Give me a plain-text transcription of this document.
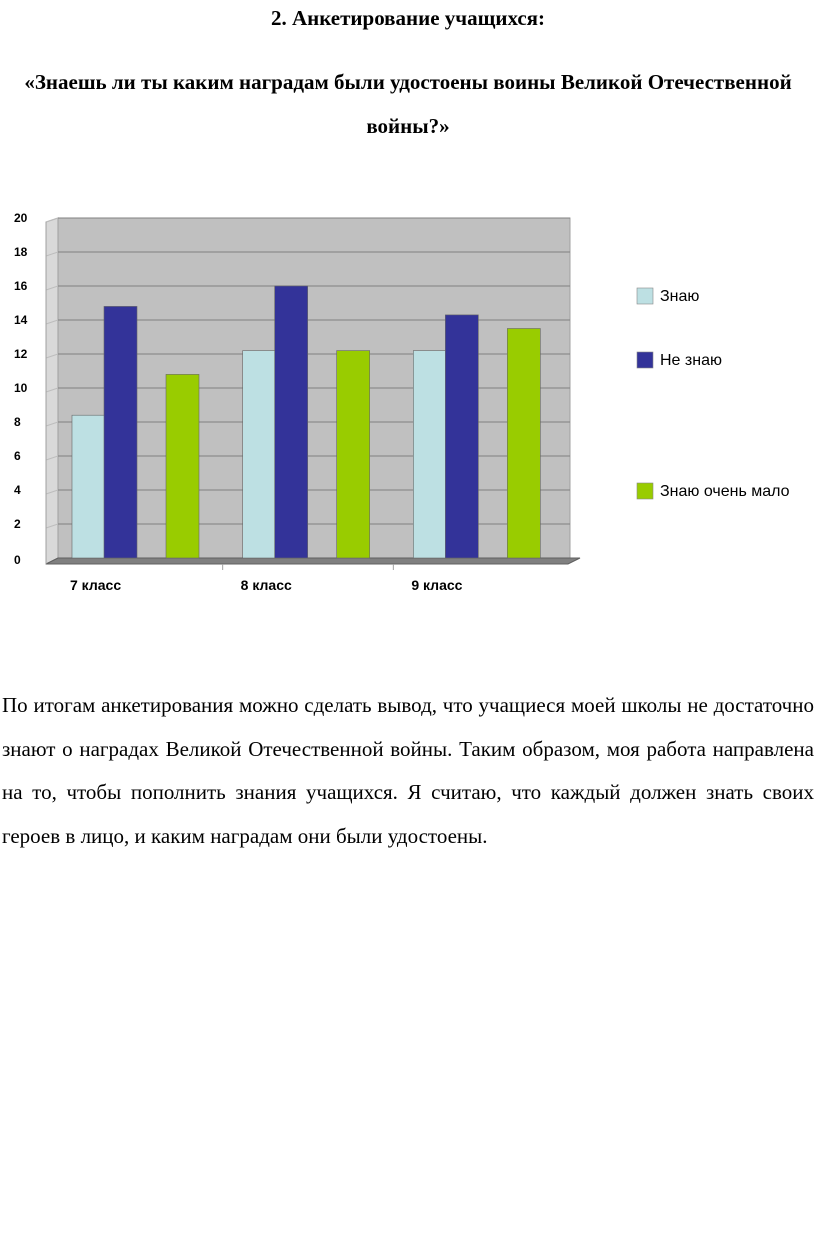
2. Анкетирование учащихся:
«Знаешь ли ты каким наградам были удостоены воины Великой Отечественной войны?»
0
2
4
6
8
10
12
14
16
18
20
7 класс	8 класс	9 класс
Знаю
Не знаю
Знаю очень мало

По итогам анкетирования можно сделать вывод, что учащиеся моей школы не достаточно знают о наградах Великой Отечественной войны. Таким образом, моя работа направлена на то, чтобы пополнить знания учащихся. Я считаю, что каждый должен знать своих героев в лицо, и каким наградам они были удостоены.
